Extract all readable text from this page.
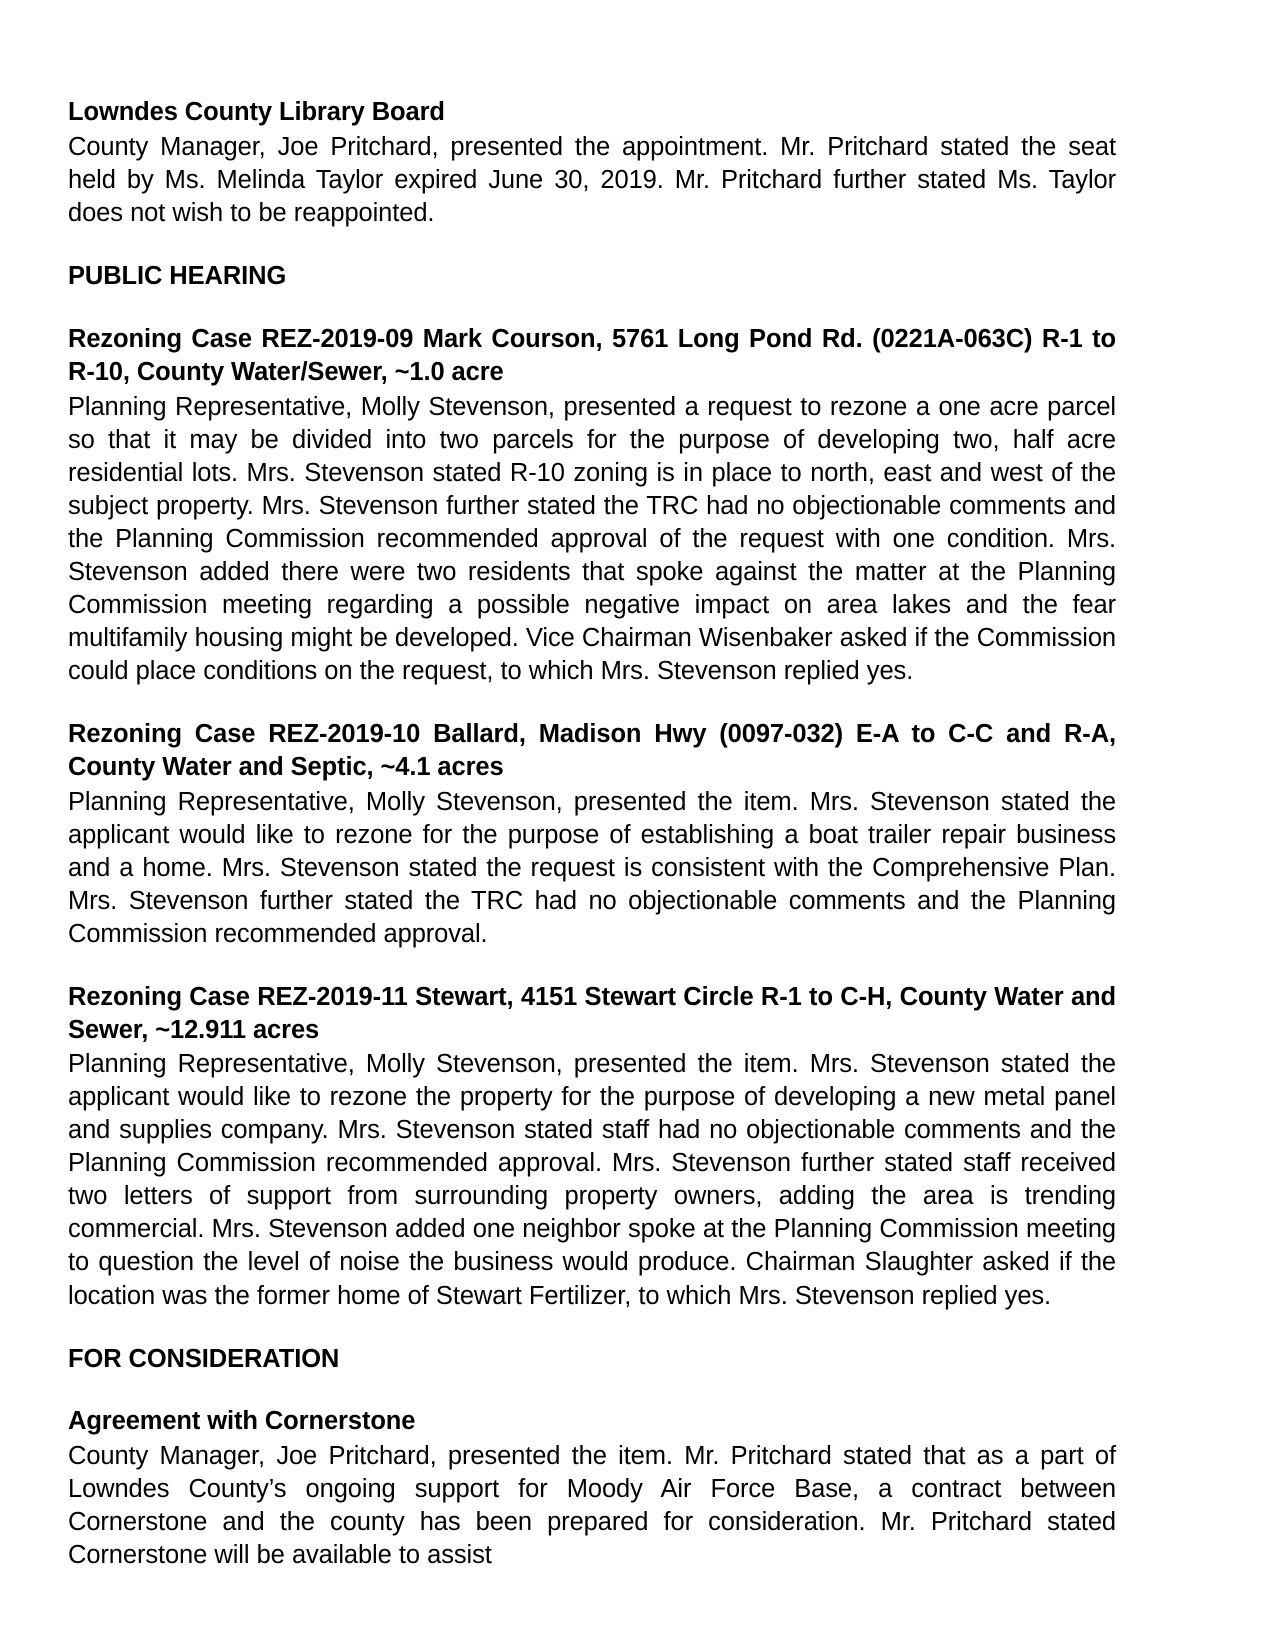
Lowndes County Library Board

County Manager, Joe Pritchard, presented the appointment. Mr. Pritchard stated the seat held by Ms. Melinda Taylor expired June 30, 2019. Mr. Pritchard further stated Ms. Taylor does not wish to be reappointed.

PUBLIC HEARING

Rezoning Case REZ-2019-09 Mark Courson, 5761 Long Pond Rd. (0221A-063C) R-1 to R-10, County Water/Sewer, ~1.0 acre

Planning Representative, Molly Stevenson, presented a request to rezone a one acre parcel so that it may be divided into two parcels for the purpose of developing two, half acre residential lots. Mrs. Stevenson stated R-10 zoning is in place to north, east and west of the subject property. Mrs. Stevenson further stated the TRC had no objectionable comments and the Planning Commission recommended approval of the request with one condition. Mrs. Stevenson added there were two residents that spoke against the matter at the Planning Commission meeting regarding a possible negative impact on area lakes and the fear multifamily housing might be developed. Vice Chairman Wisenbaker asked if the Commission could place conditions on the request, to which Mrs. Stevenson replied yes.

Rezoning Case REZ-2019-10 Ballard, Madison Hwy (0097-032) E-A to C-C and R-A, County Water and Septic, ~4.1 acres

Planning Representative, Molly Stevenson, presented the item. Mrs. Stevenson stated the applicant would like to rezone for the purpose of establishing a boat trailer repair business and a home. Mrs. Stevenson stated the request is consistent with the Comprehensive Plan. Mrs. Stevenson further stated the TRC had no objectionable comments and the Planning Commission recommended approval.

Rezoning Case REZ-2019-11 Stewart, 4151 Stewart Circle R-1 to C-H, County Water and Sewer, ~12.911 acres

Planning Representative, Molly Stevenson, presented the item. Mrs. Stevenson stated the applicant would like to rezone the property for the purpose of developing a new metal panel and supplies company. Mrs. Stevenson stated staff had no objectionable comments and the Planning Commission recommended approval. Mrs. Stevenson further stated staff received two letters of support from surrounding property owners, adding the area is trending commercial. Mrs. Stevenson added one neighbor spoke at the Planning Commission meeting to question the level of noise the business would produce. Chairman Slaughter asked if the location was the former home of Stewart Fertilizer, to which Mrs. Stevenson replied yes.

FOR CONSIDERATION

Agreement with Cornerstone

County Manager, Joe Pritchard, presented the item. Mr. Pritchard stated that as a part of Lowndes County’s ongoing support for Moody Air Force Base, a contract between Cornerstone and the county has been prepared for consideration. Mr. Pritchard stated Cornerstone will be available to assist
